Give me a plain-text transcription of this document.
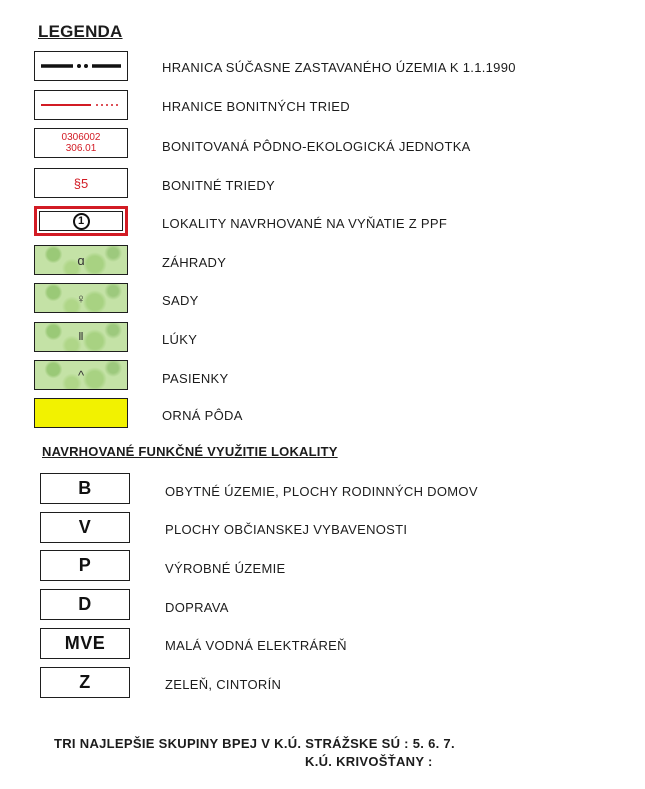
LEGENDA
HRANICA SÚČASNE ZASTAVANÉHO ÚZEMIA K 1.1.1990
HRANICE BONITNÝCH TRIED
0306002
306.01	BONITOVANÁ PÔDNO-EKOLOGICKÁ JEDNOTKA
§5	BONITNÉ TRIEDY
1	LOKALITY NAVRHOVANÉ NA VYŇATIE Z PPF
ɑ	ZÁHRADY
♀	SADY
Ⅱ	LÚKY
^	PASIENKY
ORNÁ PÔDA
NAVRHOVANÉ FUNKČNÉ VYUŽITIE LOKALITY
B	OBYTNÉ ÚZEMIE, PLOCHY RODINNÝCH DOMOV
V	PLOCHY OBČIANSKEJ VYBAVENOSTI
P	VÝROBNÉ ÚZEMIE
D	DOPRAVA
MVE	MALÁ VODNÁ ELEKTRÁREŇ
Z	ZELEŇ, CINTORÍN
TRI NAJLEPŠIE SKUPINY BPEJ V K.Ú. STRÁŽSKE SÚ : 5. 6. 7.
K.Ú. KRIVOŠŤANY :
